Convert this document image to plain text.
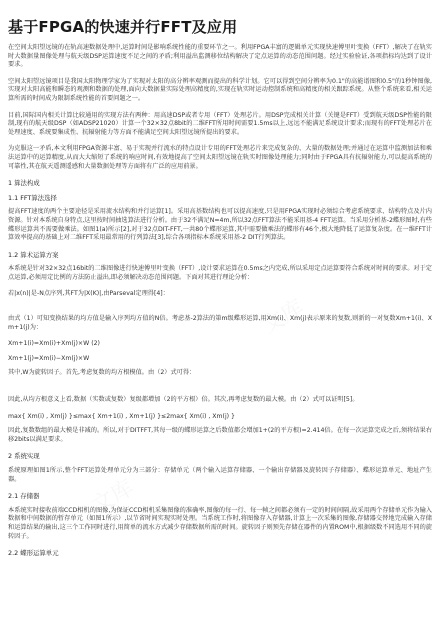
基于FPGA的快速并行FFT及应用
在空间太阳望远镜的在轨高速数据处理中,运算时间是影响系统性能的重要环节之一。利用FPGA丰富的逻辑单元实现快速傅里叶变换（FFT）,解决了在轨实时大数据量图像处理与航天级DSP运算速度不足之间的矛盾;利用溢出监测移位结构解决了定点运算的动态范围问题。经过实验验证,各项指标均达到了设计要求。
空间太阳望远镜项目是我国太阳物理学家为了实现对太阳的高分辨率观测而提出的科学计划。它可以得到空间分辨率为0.1"的高能谱图和0.5"的1秒钟图像,实现对太阳高能和瞬态的观测和数据的处理,面向大数据量实际处理高精度的,实现在轨实时运动控制系统和高精度的相关跟踪系统。从整个系统来看,相关运算所需的时间成为限制系统性能的首要问题之一。
目前,国际国内相关计算比较通用的实现方法有两种：用高速DSP或者专用（FFT）处理芯片。用DSP完成相关计算（关键是FFT）受到航天级DSP性能的限制,现有的航天级DSP（如ADSP21020）计算一个32×32点8bit的二维FFT所用时间需要1.5ms以上,远远不能满足系统设计要求;而现有的FFT处理芯片在处理速度、系统要集成性、抗辐射能力等方面不能满足空间太阳望远镜所提出的要求。
为克服这一矛盾,本文利用FPGA资源丰富、易于实现并行流水的特点设计专用的FFT处理芯片来完成复杂的、大量的数据处理;并通过在运算中监测加法和乘法运算中的运算精度,从而大大缩短了系统的响应时间,有效地提高了空间太阳望远镜在轨实时图像处理能力;同时由于FPGA具有抗辐射能力,可以提高系统的可靠性,其在航天遥测遥感和大量数据处理等方面将有广泛的应用前景。
1 算法构成
1.1 FFT算法选择
提高FFT速度的两个主要途径是采用流水结构和并行运算[1]。采用高基数结构也可以提高速度,只是用FPGA实现时必须综合考虑系统要求、结构特点及片内资源。针对本系统自身特点,这里按时间抽选算法进行分析。由于32不满足N=4m,所以32点FFT算法不能采用基-4 FFT运算。当采用分析基-2蝶形图时,有些蝶形运算共不需要做乘法。如图1(a)所示[2],对于32点DIT-FFT,一共80个蝶形运算,其中需要做乘法的蝶形有46个,极大地降低了运算复杂度。在一维FFT计算效率提高的基础上对二维FFT采用最常用的行列算法[3],综合各项指标本系统采用基-2 DIT行列算法。
1.2 算术运算方案
本系统是针对32×32点16bit的二维图像进行快速傅里叶变换（FFT）,设计要求运算在0.5ms之内完成,所以采用定点运算要符合系统对时间的要求。对于定点运算,必须用定比例的方法防止溢出,即必须解决动态范围问题。下面对其进行理论分析：
若|x(n)|是-N点序列,其FT为|X(K)|,由Parseval定理得[4]：
由式（1）可知变换结果的均方值是输入序列均方值的N倍。考虑基-2算法的第m级蝶形运算,用Xm(i)、Xm(j)表示原来的复数,则新的一对复数Xm+1(i)、Xm+1(j)为：
Xm+1(i)=Xm(i)+Xm(j)×W (2)
Xm+1(j)=Xm(i)−Xm(j)×W
其中,W为旋转因子。首先,考虑复数的均方根模值。由（2）式可得：
因此,从均方根意义上看,数据（实数或复数）复级都增加（2的平方根）倍。其次,再考虑复数的最大模。由（2）式可以证明[5]。
max{ Xm(i) , Xm(j) }≤max{ Xm+1(i) , Xm+1(j) }≤2max{ Xm(i) , Xm(j) }
因此,复数数组的最大模是非减的。所以,对于DITFFT,其每一级的蝶形运算之后数值都会增加1+(2的平方根)=2.414倍。在每一次运算完成之后,须将结果右移2bits以满足要求。
2 系统实现
系统原理如图1所示,整个FFT运算处理单元分为三部分：存储单元（两个输入运算存储器、一个输出存储器及旋转因子存储器）、蝶形运算单元、地址产生器。
2.1 存储器
本系统实时接收前端CCD相机的图像,为保证CCD相机采集图像的准确率,图像的每一行、每一帧之间都必须有一定的时间间隔,故采用两个存储单元作为输入数据和中间数据的暂存单元（如图1所示）,以节省时间实现实时处理。当系统工作时,将图像存入存储器,计算上一次采集的图像,存储器交替地完成输入存储和运算结果的输出,这三个工作同时进行,用简单的流水方式减少存储数据所需的时间。旋转因子则预先存储在器件的内置ROM中,根据级数不同选用不同的旋转因子。
2.2 蝶形运算单元
